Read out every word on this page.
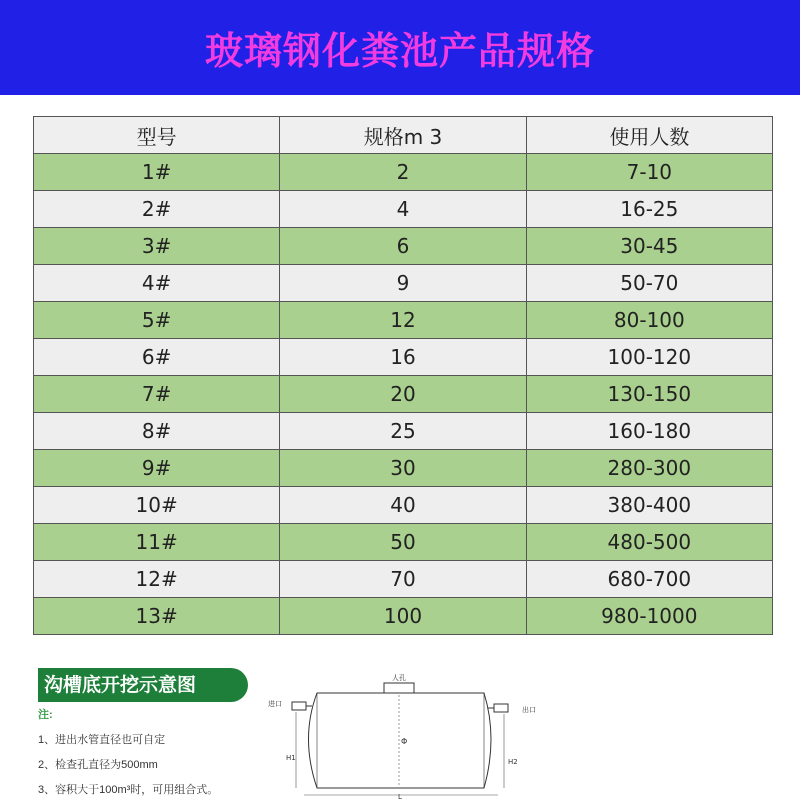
玻璃钢化粪池产品规格
型号	规格m 3	使用人数
1#	2	7-10
2#	4	16-25
3#	6	30-45
4#	9	50-70
5#	12	80-100
6#	16	100-120
7#	20	130-150
8#	25	160-180
9#	30	280-300
10#	40	380-400
11#	50	480-500
12#	70	680-700
13#	100	980-1000
沟槽底开挖示意图
注:
1、进出水管直径也可自定
2、检查孔直径为500mm
3、容积大于100m³时，可用组合式。
人孔
进口
出口
Φ
H1	H2
L
